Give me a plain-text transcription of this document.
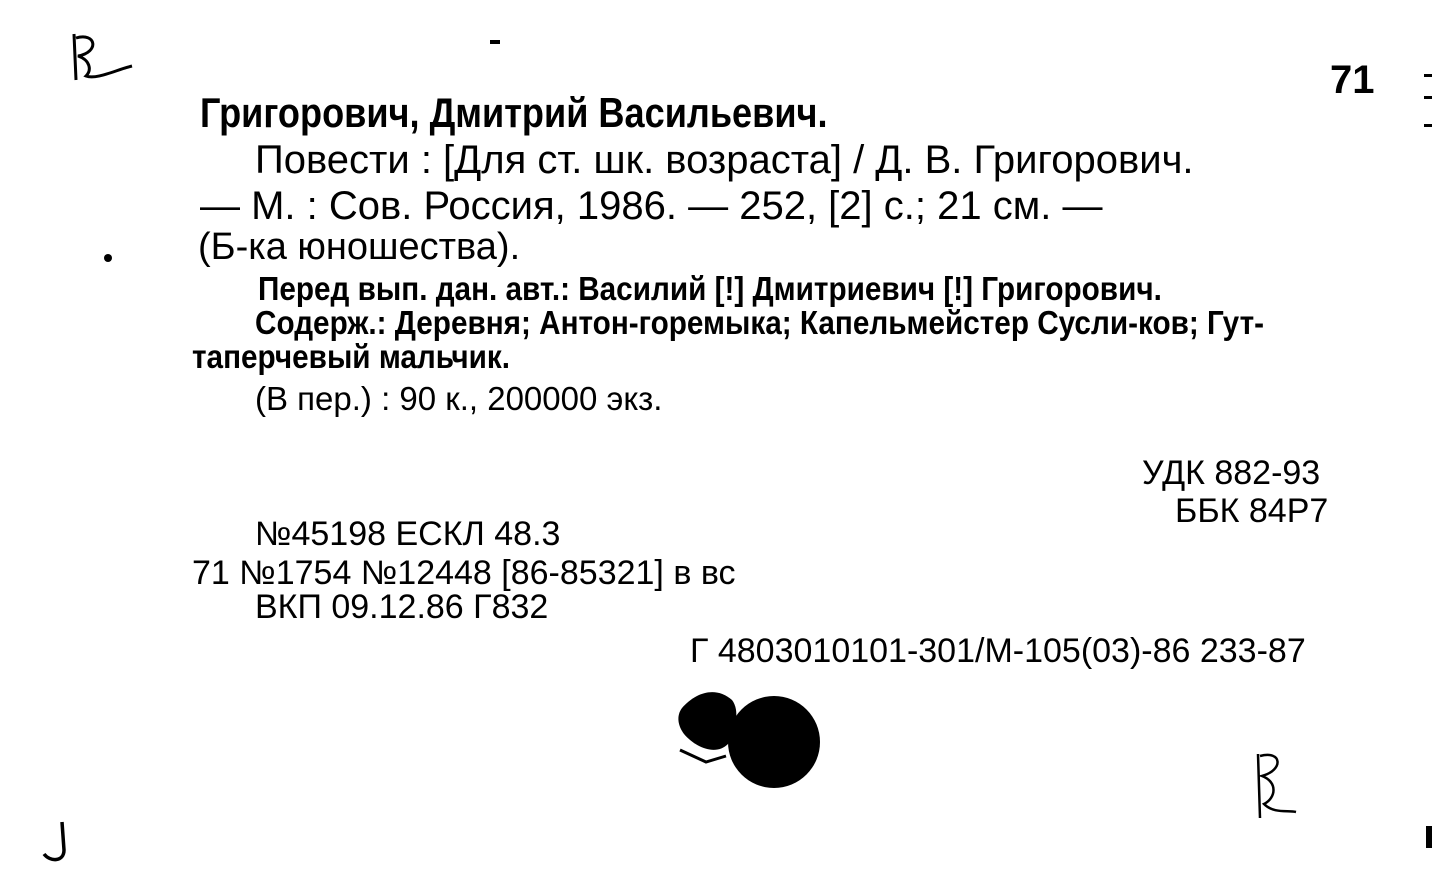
Григорович, Дмитрий Васильевич.
71
Повести : [Для ст. шк. возраста] / Д. В. Григорович.
— М. : Сов. Россия, 1986. — 252, [2] с.; 21 см. —
(Б-ка юношества).
Перед вып. дан. авт.: Василий [!] Дмитриевич [!] Григорович.
Содерж.: Деревня; Антон-горемыка; Капельмейстер Сусли-ков; Гут-
таперчевый мальчик.
(В пер.) : 90 к., 200000 экз.
УДК 882-93
ББК 84Р7
№45198 ЕСКЛ 48.3
71 №1754 №12448 [86-85321] в вс
ВКП 09.12.86 Г832
Г 4803010101-301/М-105(03)-86 233-87
